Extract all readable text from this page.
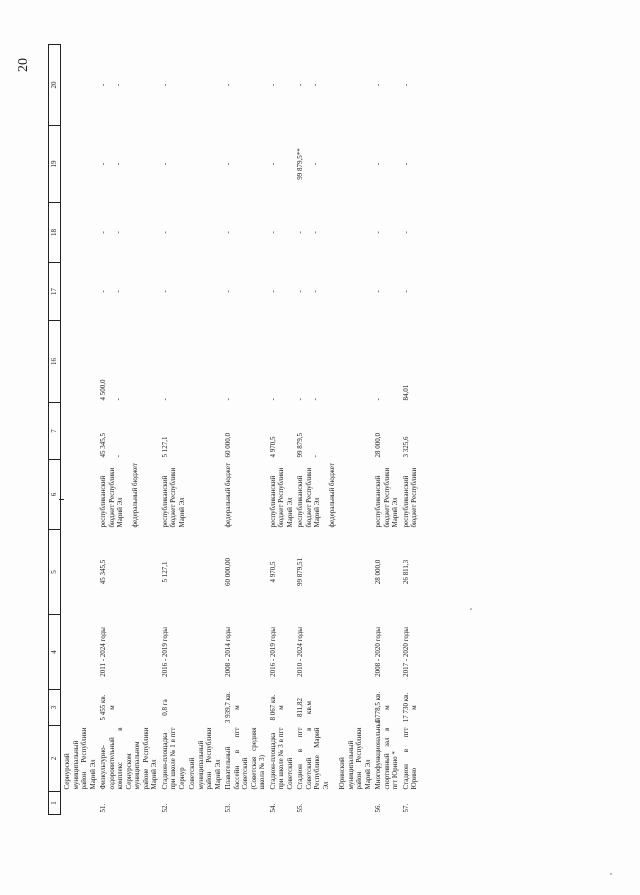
20
1	2	3	4	5	6	7	16	17	18	19	20
	Сернурский муниципальный район Республики Марий Эл										

51.	Физкультурно-оздоровительный комплекс в Сернурском муниципальном районе Республики Марий Эл	5 455 кв. м	2011 - 2024 годы	45 345,5	республиканский бюджет Республики Марий Эл федеральный бюджет	45 345,5 -	4 500,0 -	- -	- -	- -	- -

52.	Стадион-площадка при школе № 1 в пгт Сернур	0,8 га	2016 - 2019 годы	5 127,1	республиканский бюджет Республики Марий Эл	5 127,1	-	-	-	-	-

	Советский муниципальный район Республики Марий Эл										

53.	Плавательный бассейн в пгт Советский (Советская средняя школа № 3)	3 939,7 кв. м	2008 - 2014 годы	60 000,00	федеральный бюджет	60 000,0	-	-	-	-	-

54.	Стадион-площадка при школе № 3 в пгт Советский	8 067 кв. м	2016 - 2019 годы	4 970,5	республиканский бюджет Республики Марий Эл	4 970,5	-	-	-	-	-

55.	Стадион в пгт Советский в Республике Марий Эл	811,82 кв.м	2010 - 2024 годы	99 879,51	республиканский бюджет Республики Марий Эл федеральный бюджет	99 879,5 -	- -	- -	- -	99 879,5** -	- -

	Юринский муниципальный район Республики Марий Эл										

56.	Многофункциональный спортивный зал в пгт Юрино *	1 778,5 кв. м	2008 - 2020 годы	28 000,0	республиканский бюджет Республики Марий Эл	28 000,0	-	-	-	-	-

57.	Стадион в пгт Юрино	17 730 кв. м	2017 - 2020 годы	26 811,3	республиканский бюджет Республики	3 325,6	84,01	-	-	-	-
